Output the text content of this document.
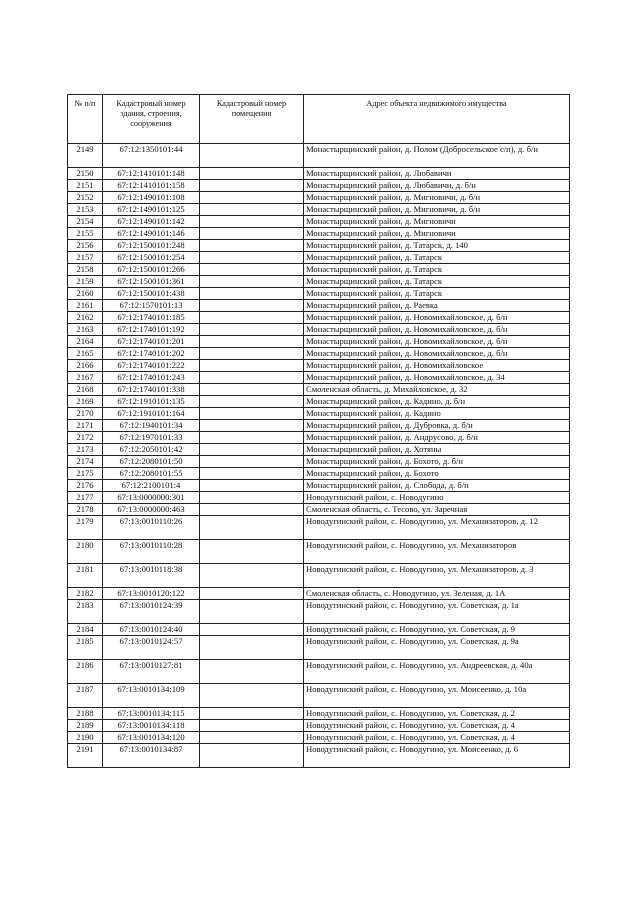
№ п/п	Кадастровый номер здания, строения, сооружения	Кадастровый номер помещения	Адрес объекта недвижимого имущества
2149	67:12:1350101:44		Монастырщинский район, д. Полом (Добросельское с/п), д. б/н
2150	67:12:1410101:148		Монастырщинский район, д. Любавичи
2151	67:12:1410101:158		Монастырщинский район, д. Любавичи, д. б/н
2152	67:12:1490101:108		Монастырщинский район, д. Мигновичи, д. б/н
2153	67:12:1490101:125		Монастырщинский район, д. Мигновичи, д. б/н
2154	67:12:1490101:142		Монастырщинский район, д. Мигновичи
2155	67:12:1490101:146		Монастырщинский район, д. Мигновичи
2156	67:12:1500101:248		Монастырщинский район, д. Татарск, д. 140
2157	67:12:1500101:254		Монастырщинский район, д. Татарск
2158	67:12:1500101:266		Монастырщинский район, д. Татарск
2159	67:12:1500101:361		Монастырщинский район, д. Татарск
2160	67:12:1500101:438		Монастырщинский район, д. Татарск
2161	67:12:1570101:13		Монастырщинский район, д. Раевка
2162	67:12:1740101:185		Монастырщинский район, д. Новомихайловское, д. б/н
2163	67:12:1740101:192		Монастырщинский район, д. Новомихайловское, д. б/н
2164	67:12:1740101:201		Монастырщинский район, д. Новомихайловское, д. б/н
2165	67:12:1740101:202		Монастырщинский район, д. Новомихайловское, д. б/н
2166	67:12:1740101:222		Монастырщинский район, д. Новомихайловское
2167	67:12:1740101:243		Монастырщинский район, д. Новомихайловское, д. 34
2168	67:12:1740101:338		Смоленская область, д. Михайловское, д. 32
2169	67:12:1910101:135		Монастырщинский район, д. Кадино, д. б/н
2170	67:12:1910101:164		Монастырщинский район, д. Кадино
2171	67:12:1940101:34		Монастырщинский район, д. Дубровка, д. б/н
2172	67:12:1970101:33		Монастырщинский район, д. Андрусово, д. б/н
2173	67:12:2050101:42		Монастырщинский район, д. Хотяны
2174	67:12:2080101:50		Монастырщинский район, д. Бохото, д. б/н
2175	67:12:2080101:55		Монастырщинский район, д. Бохото
2176	67:12:2100101:4		Монастырщинский район, д. Слобода, д. б/н
2177	67:13:0000000:301		Новодугинский район, с. Новодугино
2178	67:13:0000000:463		Смоленская область, с. Тесово, ул. Заречная
2179	67:13:0010110:26		Новодугинский район, с. Новодугино, ул. Механизаторов, д. 12
2180	67:13:0010110:28		Новодугинский район, с. Новодугино, ул. Механизаторов
2181	67:13:0010118:38		Новодугинский район, с. Новодугино, ул. Механизаторов, д. 3
2182	67:13:0010120:122		Смоленская область, с. Новодугино, ул. Зеленая, д. 1А
2183	67:13:0010124:39		Новодугинский район, с. Новодугино, ул. Советская, д. 1а
2184	67:13:0010124:40		Новодугинский район, с. Новодугино, ул. Советская, д. 9
2185	67:13:0010124:57		Новодугинский район, с. Новодугино, ул. Советская, д. 9а
2186	67:13:0010127:81		Новодугинский район, с. Новодугино, ул. Андреевская, д. 40а
2187	67:13:0010134:109		Новодугинский район, с. Новодугино, ул. Моисеенко, д. 10а
2188	67:13:0010134:115		Новодугинский район, с. Новодугино, ул. Советская, д. 2
2189	67:13:0010134:118		Новодугинский район, с. Новодугино, ул. Советская, д. 4
2190	67:13:0010134:120		Новодугинский район, с. Новодугино, ул. Советская, д. 4
2191	67:13:0010134:87		Новодугинский район, с. Новодугино, ул. Моисеенко, д. 6
